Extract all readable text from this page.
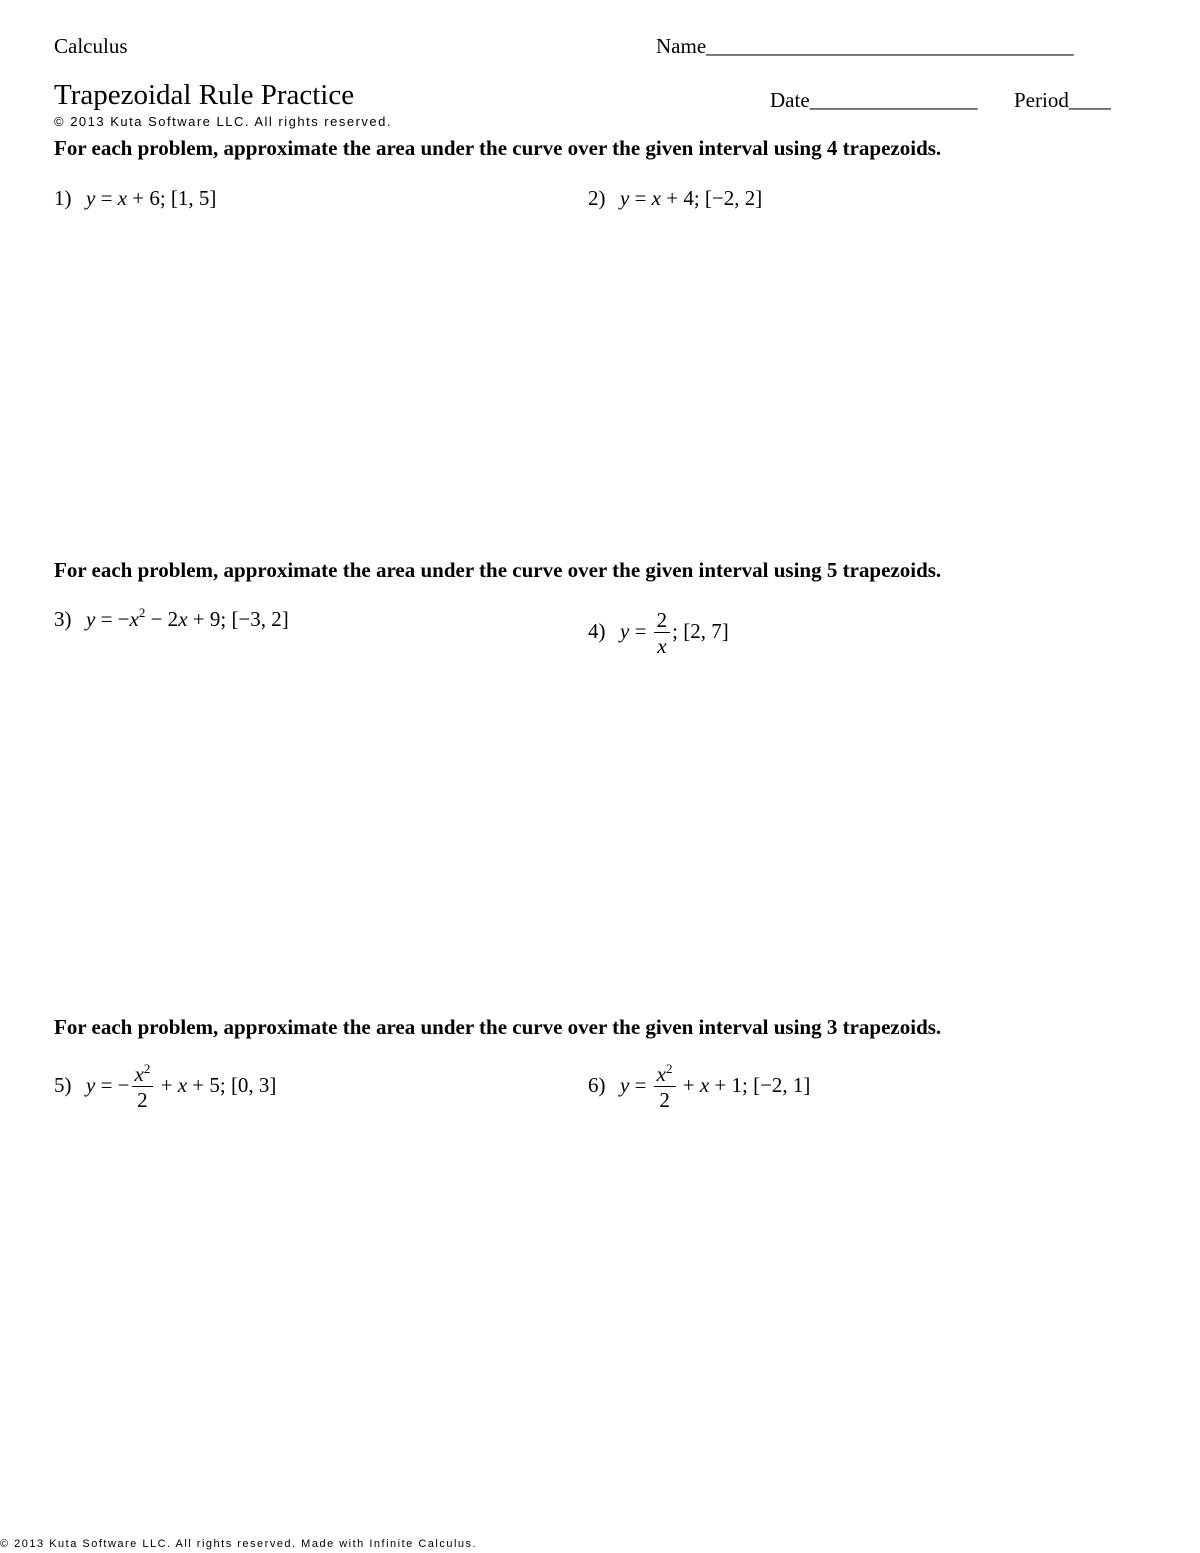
Calculus	Name___________________________________
Trapezoidal Rule Practice	Date________________ Period____
© 2013 Kuta Software LLC. All rights reserved.
For each problem, approximate the area under the curve over the given interval using 4 trapezoids.
1) y = x + 6; [1, 5]	2) y = x + 4; [−2, 2]
For each problem, approximate the area under the curve over the given interval using 5 trapezoids.
3) $y = -x^2 - 2x + 9$; [−3, 2]	4) $y = \frac{2}{x}$ ; [2, 7]
For each problem, approximate the area under the curve over the given interval using 3 trapezoids.
5) y = − $\frac{x^2}{2} + x + 5$; [0, 3]	6) $y = \frac{x^2}{2} + x + 1$; [−2, 1]
© 2013 Kuta Software LLC. All rights reserved. Made with Infinite Calculus.
